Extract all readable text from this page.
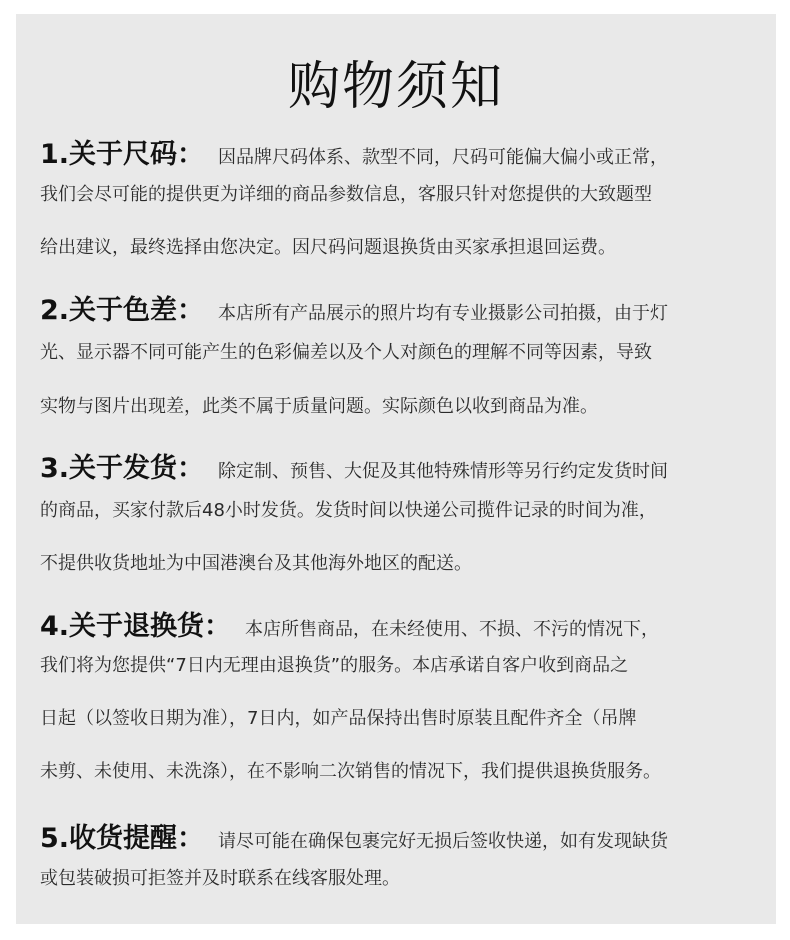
购物须知
1.关于尺码： 因品牌尺码体系、款型不同，尺码可能偏大偏小或正常，
我们会尽可能的提供更为详细的商品参数信息，客服只针对您提供的大致题型
给出建议，最终选择由您决定。因尺码问题退换货由买家承担退回运费。
2.关于色差： 本店所有产品展示的照片均有专业摄影公司拍摄，由于灯
光、显示器不同可能产生的色彩偏差以及个人对颜色的理解不同等因素，导致
实物与图片出现差，此类不属于质量问题。实际颜色以收到商品为准。
3.关于发货： 除定制、预售、大促及其他特殊情形等另行约定发货时间
的商品，买家付款后48小时发货。发货时间以快递公司揽件记录的时间为准，
不提供收货地址为中国港澳台及其他海外地区的配送。
4.关于退换货： 本店所售商品，在未经使用、不损、不污的情况下，
我们将为您提供“7日内无理由退换货”的服务。本店承诺自客户收到商品之
日起（以签收日期为准），7日内，如产品保持出售时原装且配件齐全（吊牌
未剪、未使用、未洗涤），在不影响二次销售的情况下，我们提供退换货服务。
5.收货提醒： 请尽可能在确保包裹完好无损后签收快递，如有发现缺货
或包装破损可拒签并及时联系在线客服处理。
